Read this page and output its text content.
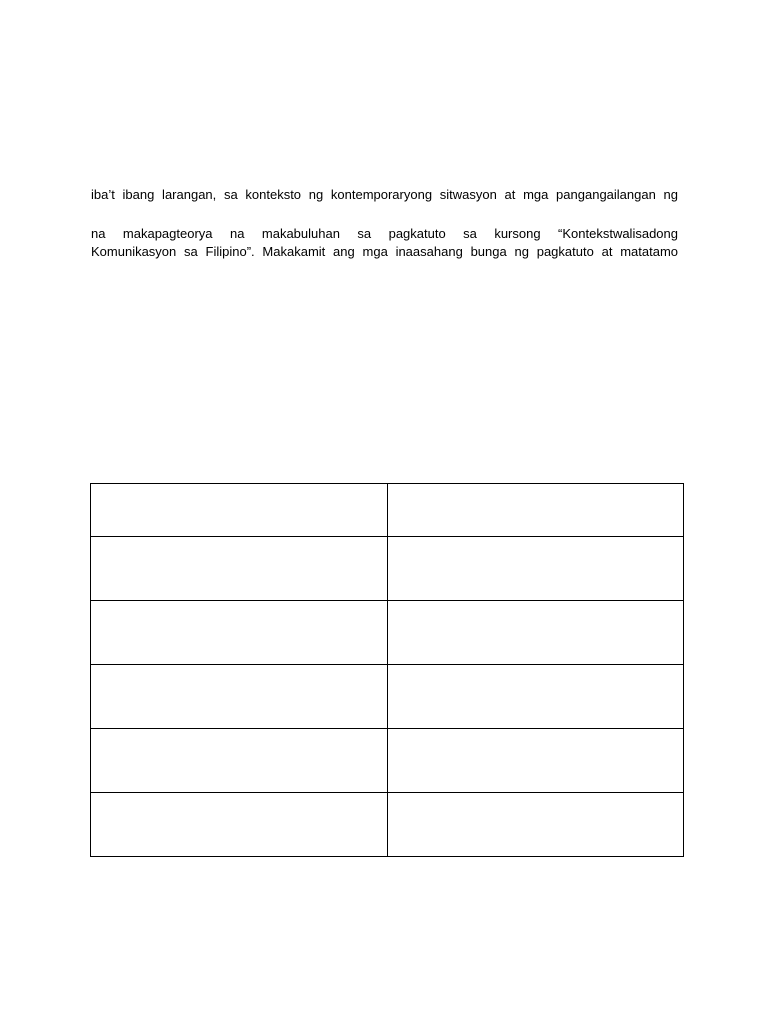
iba’t ibang larangan, sa konteksto ng kontemporaryong sitwasyon at mga pangangailangan ng
na makapagteorya na makabuluhan sa pagkatuto sa kursong “Kontekstwalisadong
Komunikasyon sa Filipino”. Makakamit ang mga inaasahang bunga ng pagkatuto at matatamo
